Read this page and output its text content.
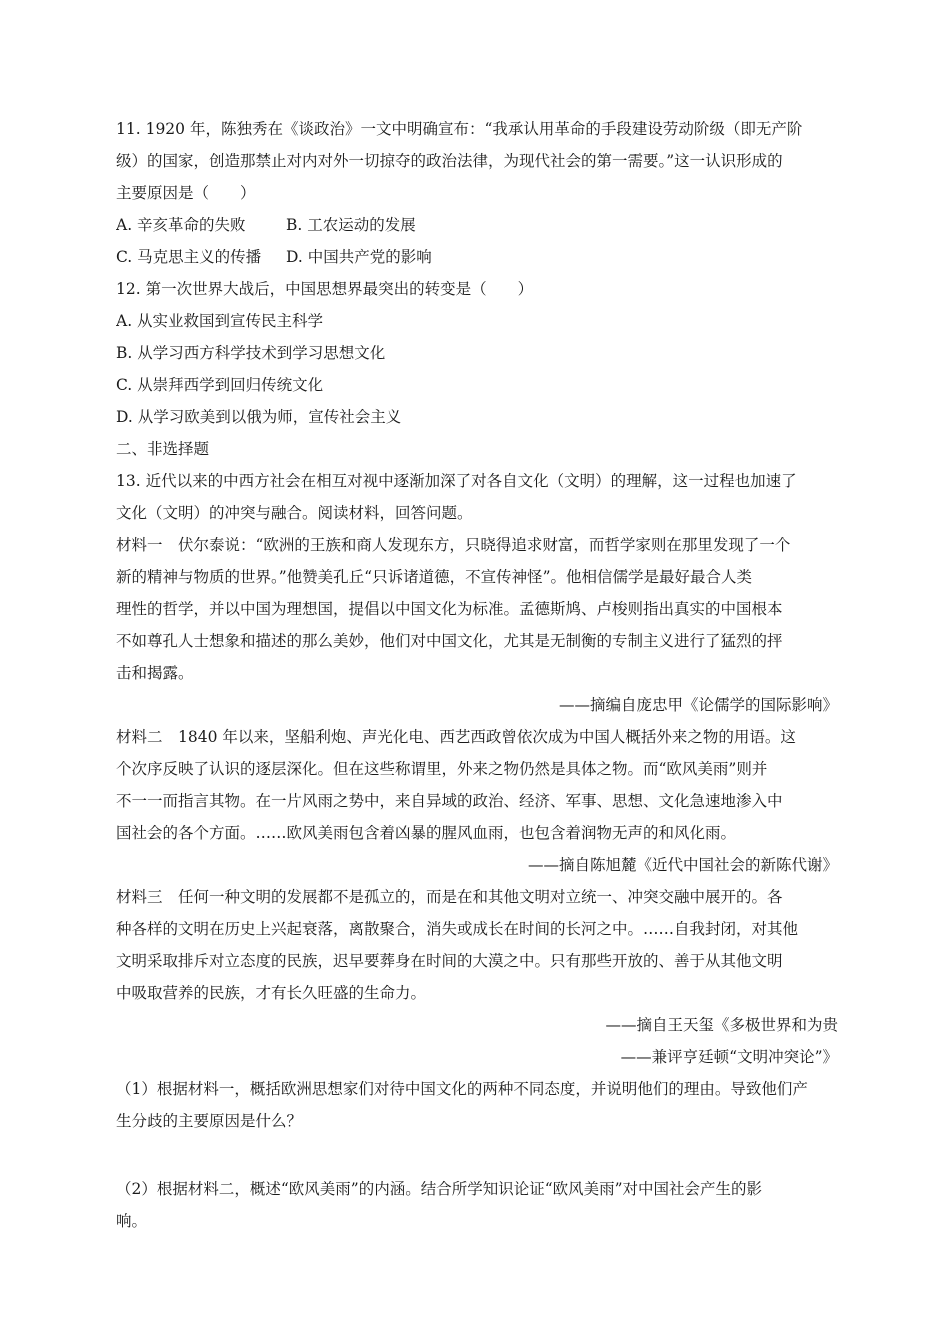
11. 1920 年，陈独秀在《谈政治》一文中明确宣布：“我承认用革命的手段建设劳动阶级（即无产阶
级）的国家，创造那禁止对内对外一切掠夺的政治法律，为现代社会的第一需要。”这一认识形成的
主要原因是（　　）
A. 辛亥革命的失败	B. 工农运动的发展
C. 马克思主义的传播 D. 中国共产党的影响
12. 第一次世界大战后，中国思想界最突出的转变是（　　）
A. 从实业救国到宣传民主科学
B. 从学习西方科学技术到学习思想文化
C. 从崇拜西学到回归传统文化
D. 从学习欧美到以俄为师，宣传社会主义
二、非选择题
13. 近代以来的中西方社会在相互对视中逐渐加深了对各自文化（文明）的理解，这一过程也加速了
文化（文明）的冲突与融合。阅读材料，回答问题。
材料一　伏尔泰说：“欧洲的王族和商人发现东方，只晓得追求财富，而哲学家则在那里发现了一个
新的精神与物质的世界。”他赞美孔丘“只诉诸道德，不宣传神怪”。他相信儒学是最好最合人类
理性的哲学，并以中国为理想国，提倡以中国文化为标准。孟德斯鸠、卢梭则指出真实的中国根本
不如尊孔人士想象和描述的那么美妙，他们对中国文化，尤其是无制衡的专制主义进行了猛烈的抨
击和揭露。
——摘编自庞忠甲《论儒学的国际影响》
材料二　1840 年以来，坚船利炮、声光化电、西艺西政曾依次成为中国人概括外来之物的用语。这
个次序反映了认识的逐层深化。但在这些称谓里，外来之物仍然是具体之物。而“欧风美雨”则并
不一一而指言其物。在一片风雨之势中，来自异域的政治、经济、军事、思想、文化急速地渗入中
国社会的各个方面。……欧风美雨包含着凶暴的腥风血雨，也包含着润物无声的和风化雨。
——摘自陈旭麓《近代中国社会的新陈代谢》
材料三　任何一种文明的发展都不是孤立的，而是在和其他文明对立统一、冲突交融中展开的。各
种各样的文明在历史上兴起衰落，离散聚合，消失或成长在时间的长河之中。……自我封闭，对其他
文明采取排斥对立态度的民族，迟早要葬身在时间的大漠之中。只有那些开放的、善于从其他文明
中吸取营养的民族，才有长久旺盛的生命力。
——摘自王天玺《多极世界和为贵
——兼评亨廷顿“文明冲突论”》
（1）根据材料一，概括欧洲思想家们对待中国文化的两种不同态度，并说明他们的理由。导致他们产
生分歧的主要原因是什么？
（2）根据材料二，概述“欧风美雨”的内涵。结合所学知识论证“欧风美雨”对中国社会产生的影
响。
